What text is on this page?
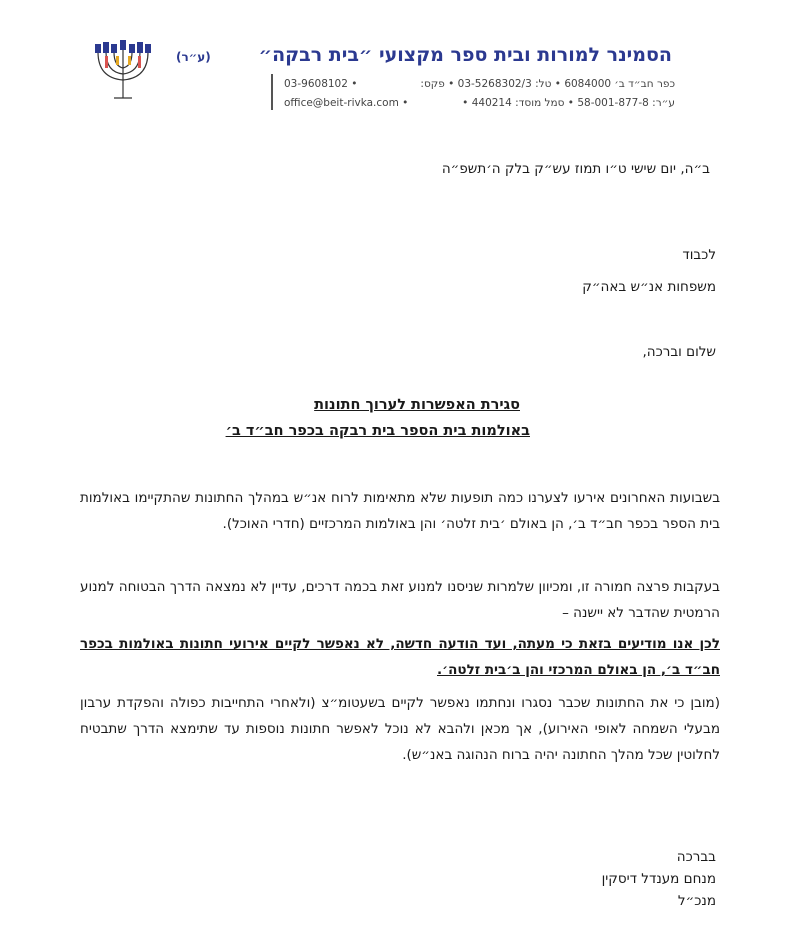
הסמינר למורות ובית ספר מקצועי ״בית רבקה״
(ע״ר)
כפר חב״ד ב׳ 6084000 • טל: 03-5268302/3 • פקס:
03-9608102 •
ע״ר: 58-001-877-8 • סמל מוסד: 440214 •
office@beit-rivka.com •
ב״ה, יום שישי ט״ו תמוז עש״ק בלק ה׳תשפ״ה
לכבוד
משפחות אנ״ש באה״ק
שלום וברכה,
סגירת האפשרות לערוך חתונות
באולמות בית הספר בית רבקה בכפר חב״ד ב׳
בשבועות האחרונים אירעו לצערנו כמה תופעות שלא מתאימות לרוח אנ״ש במהלך החתונות שהתקיימו באולמות בית הספר בכפר חב״ד ב׳, הן באולם ׳בית זלטה׳ והן באולמות המרכזיים (חדרי האוכל).
בעקבות פרצה חמורה זו, ומכיוון שלמרות שניסנו למנוע זאת בכמה דרכים, עדיין לא נמצאה הדרך הבטוחה למנוע הרמטית שהדבר לא יישנה –
לכן אנו מודיעים בזאת כי מעתה, ועד הודעה חדשה, לא נאפשר לקיים אירועי חתונות באולמות בכפר חב״ד ב׳, הן באולם המרכזי והן ב׳בית זלטה׳.
(מובן כי את החתונות שכבר נסגרו ונחתמו נאפשר לקיים בשעטומ״צ (ולאחרי התחייבות כפולה והפקדת ערבון מבעלי השמחה לאופי האירוע), אך מכאן ולהבא לא נוכל לאפשר חתונות נוספות עד שתימצא הדרך שתבטיח לחלוטין שכל מהלך החתונה יהיה ברוח הנהוגה באנ״ש).
בברכה
מנחם מענדל דיסקין
מנכ״ל
